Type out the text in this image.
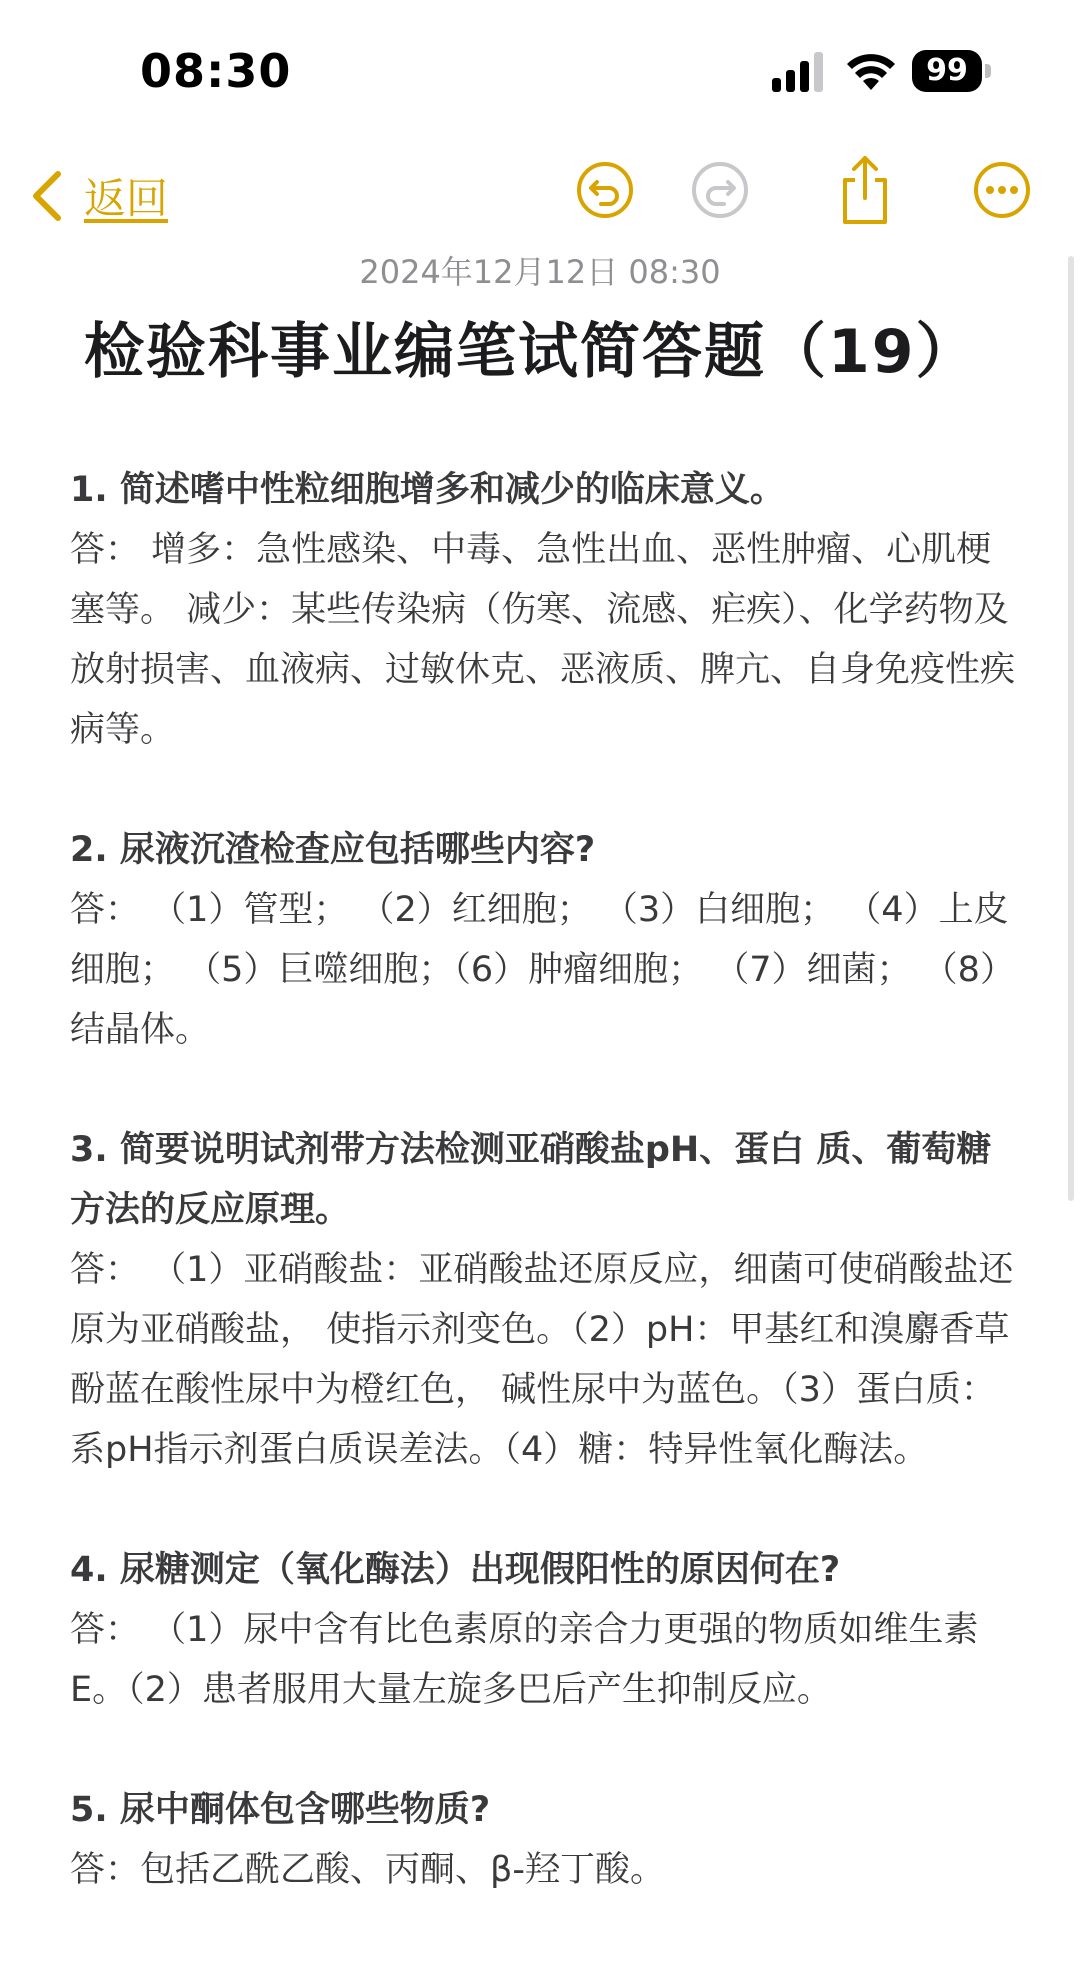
08:30	99
返回
2024年12月12日 08:30
检验科事业编笔试简答题（19）

1. 简述嗜中性粒细胞增多和减少的临床意义。

答： 增多：急性感染、中毒、急性出血、恶性肿瘤、心肌梗塞等。 减少：某些传染病（伤寒、流感、疟疾）、化学药物及放射损害、血液病、过敏休克、恶液质、脾亢、自身免疫性疾病等。

2. 尿液沉渣检查应包括哪些内容?

答： （1）管型； （2）红细胞； （3）白细胞； （4）上皮细胞； （5）巨噬细胞；（6）肿瘤细胞； （7）细菌； （8）结晶体。

3. 简要说明试剂带方法检测亚硝酸盐pH、蛋白 质、葡萄糖方法的反应原理。

答： （1）亚硝酸盐：亚硝酸盐还原反应，细菌可使硝酸盐还原为亚硝酸盐， 使指示剂变色。（2）pH：甲基红和溴麝香草酚蓝在酸性尿中为橙红色， 碱性尿中为蓝色。（3）蛋白质：系pH指示剂蛋白质误差法。（4）糖：特异性氧化酶法。

4. 尿糖测定（氧化酶法）出现假阳性的原因何在?

答： （1）尿中含有比色素原的亲合力更强的物质如维生素E。（2）患者服用大量左旋多巴后产生抑制反应。

5. 尿中酮体包含哪些物质?

答：包括乙酰乙酸、丙酮、β-羟丁酸。
